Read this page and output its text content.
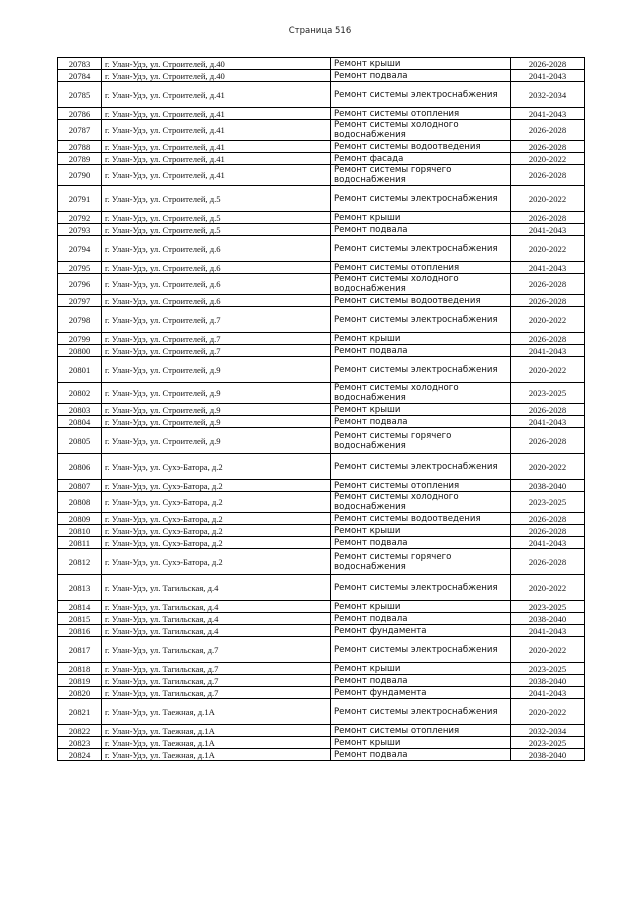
Страница 516
20783	г. Улан-Удэ, ул. Строителей, д.40	Ремонт крыши	2026-2028
20784	г. Улан-Удэ, ул. Строителей, д.40	Ремонт подвала	2041-2043
20785	г. Улан-Удэ, ул. Строителей, д.41	Ремонт системы электроснабжения	2032-2034
20786	г. Улан-Удэ, ул. Строителей, д.41	Ремонт системы отопления	2041-2043
20787	г. Улан-Удэ, ул. Строителей, д.41	Ремонт системы холодного водоснабжения	2026-2028
20788	г. Улан-Удэ, ул. Строителей, д.41	Ремонт системы водоотведения	2026-2028
20789	г. Улан-Удэ, ул. Строителей, д.41	Ремонт фасада	2020-2022
20790	г. Улан-Удэ, ул. Строителей, д.41	Ремонт системы горячего водоснабжения	2026-2028
20791	г. Улан-Удэ, ул. Строителей, д.5	Ремонт системы электроснабжения	2020-2022
20792	г. Улан-Удэ, ул. Строителей, д.5	Ремонт крыши	2026-2028
20793	г. Улан-Удэ, ул. Строителей, д.5	Ремонт подвала	2041-2043
20794	г. Улан-Удэ, ул. Строителей, д.6	Ремонт системы электроснабжения	2020-2022
20795	г. Улан-Удэ, ул. Строителей, д.6	Ремонт системы отопления	2041-2043
20796	г. Улан-Удэ, ул. Строителей, д.6	Ремонт системы холодного водоснабжения	2026-2028
20797	г. Улан-Удэ, ул. Строителей, д.6	Ремонт системы водоотведения	2026-2028
20798	г. Улан-Удэ, ул. Строителей, д.7	Ремонт системы электроснабжения	2020-2022
20799	г. Улан-Удэ, ул. Строителей, д.7	Ремонт крыши	2026-2028
20800	г. Улан-Удэ, ул. Строителей, д.7	Ремонт подвала	2041-2043
20801	г. Улан-Удэ, ул. Строителей, д.9	Ремонт системы электроснабжения	2020-2022
20802	г. Улан-Удэ, ул. Строителей, д.9	Ремонт системы холодного водоснабжения	2023-2025
20803	г. Улан-Удэ, ул. Строителей, д.9	Ремонт крыши	2026-2028
20804	г. Улан-Удэ, ул. Строителей, д.9	Ремонт подвала	2041-2043
20805	г. Улан-Удэ, ул. Строителей, д.9	Ремонт системы горячего водоснабжения	2026-2028
20806	г. Улан-Удэ, ул. Сухэ-Батора, д.2	Ремонт системы электроснабжения	2020-2022
20807	г. Улан-Удэ, ул. Сухэ-Батора, д.2	Ремонт системы отопления	2038-2040
20808	г. Улан-Удэ, ул. Сухэ-Батора, д.2	Ремонт системы холодного водоснабжения	2023-2025
20809	г. Улан-Удэ, ул. Сухэ-Батора, д.2	Ремонт системы водоотведения	2026-2028
20810	г. Улан-Удэ, ул. Сухэ-Батора, д.2	Ремонт крыши	2026-2028
20811	г. Улан-Удэ, ул. Сухэ-Батора, д.2	Ремонт подвала	2041-2043
20812	г. Улан-Удэ, ул. Сухэ-Батора, д.2	Ремонт системы горячего водоснабжения	2026-2028
20813	г. Улан-Удэ, ул. Тагильская, д.4	Ремонт системы электроснабжения	2020-2022
20814	г. Улан-Удэ, ул. Тагильская, д.4	Ремонт крыши	2023-2025
20815	г. Улан-Удэ, ул. Тагильская, д.4	Ремонт подвала	2038-2040
20816	г. Улан-Удэ, ул. Тагильская, д.4	Ремонт фундамента	2041-2043
20817	г. Улан-Удэ, ул. Тагильская, д.7	Ремонт системы электроснабжения	2020-2022
20818	г. Улан-Удэ, ул. Тагильская, д.7	Ремонт крыши	2023-2025
20819	г. Улан-Удэ, ул. Тагильская, д.7	Ремонт подвала	2038-2040
20820	г. Улан-Удэ, ул. Тагильская, д.7	Ремонт фундамента	2041-2043
20821	г. Улан-Удэ, ул. Таежная, д.1А	Ремонт системы электроснабжения	2020-2022
20822	г. Улан-Удэ, ул. Таежная, д.1А	Ремонт системы отопления	2032-2034
20823	г. Улан-Удэ, ул. Таежная, д.1А	Ремонт крыши	2023-2025
20824	г. Улан-Удэ, ул. Таежная, д.1А	Ремонт подвала	2038-2040
